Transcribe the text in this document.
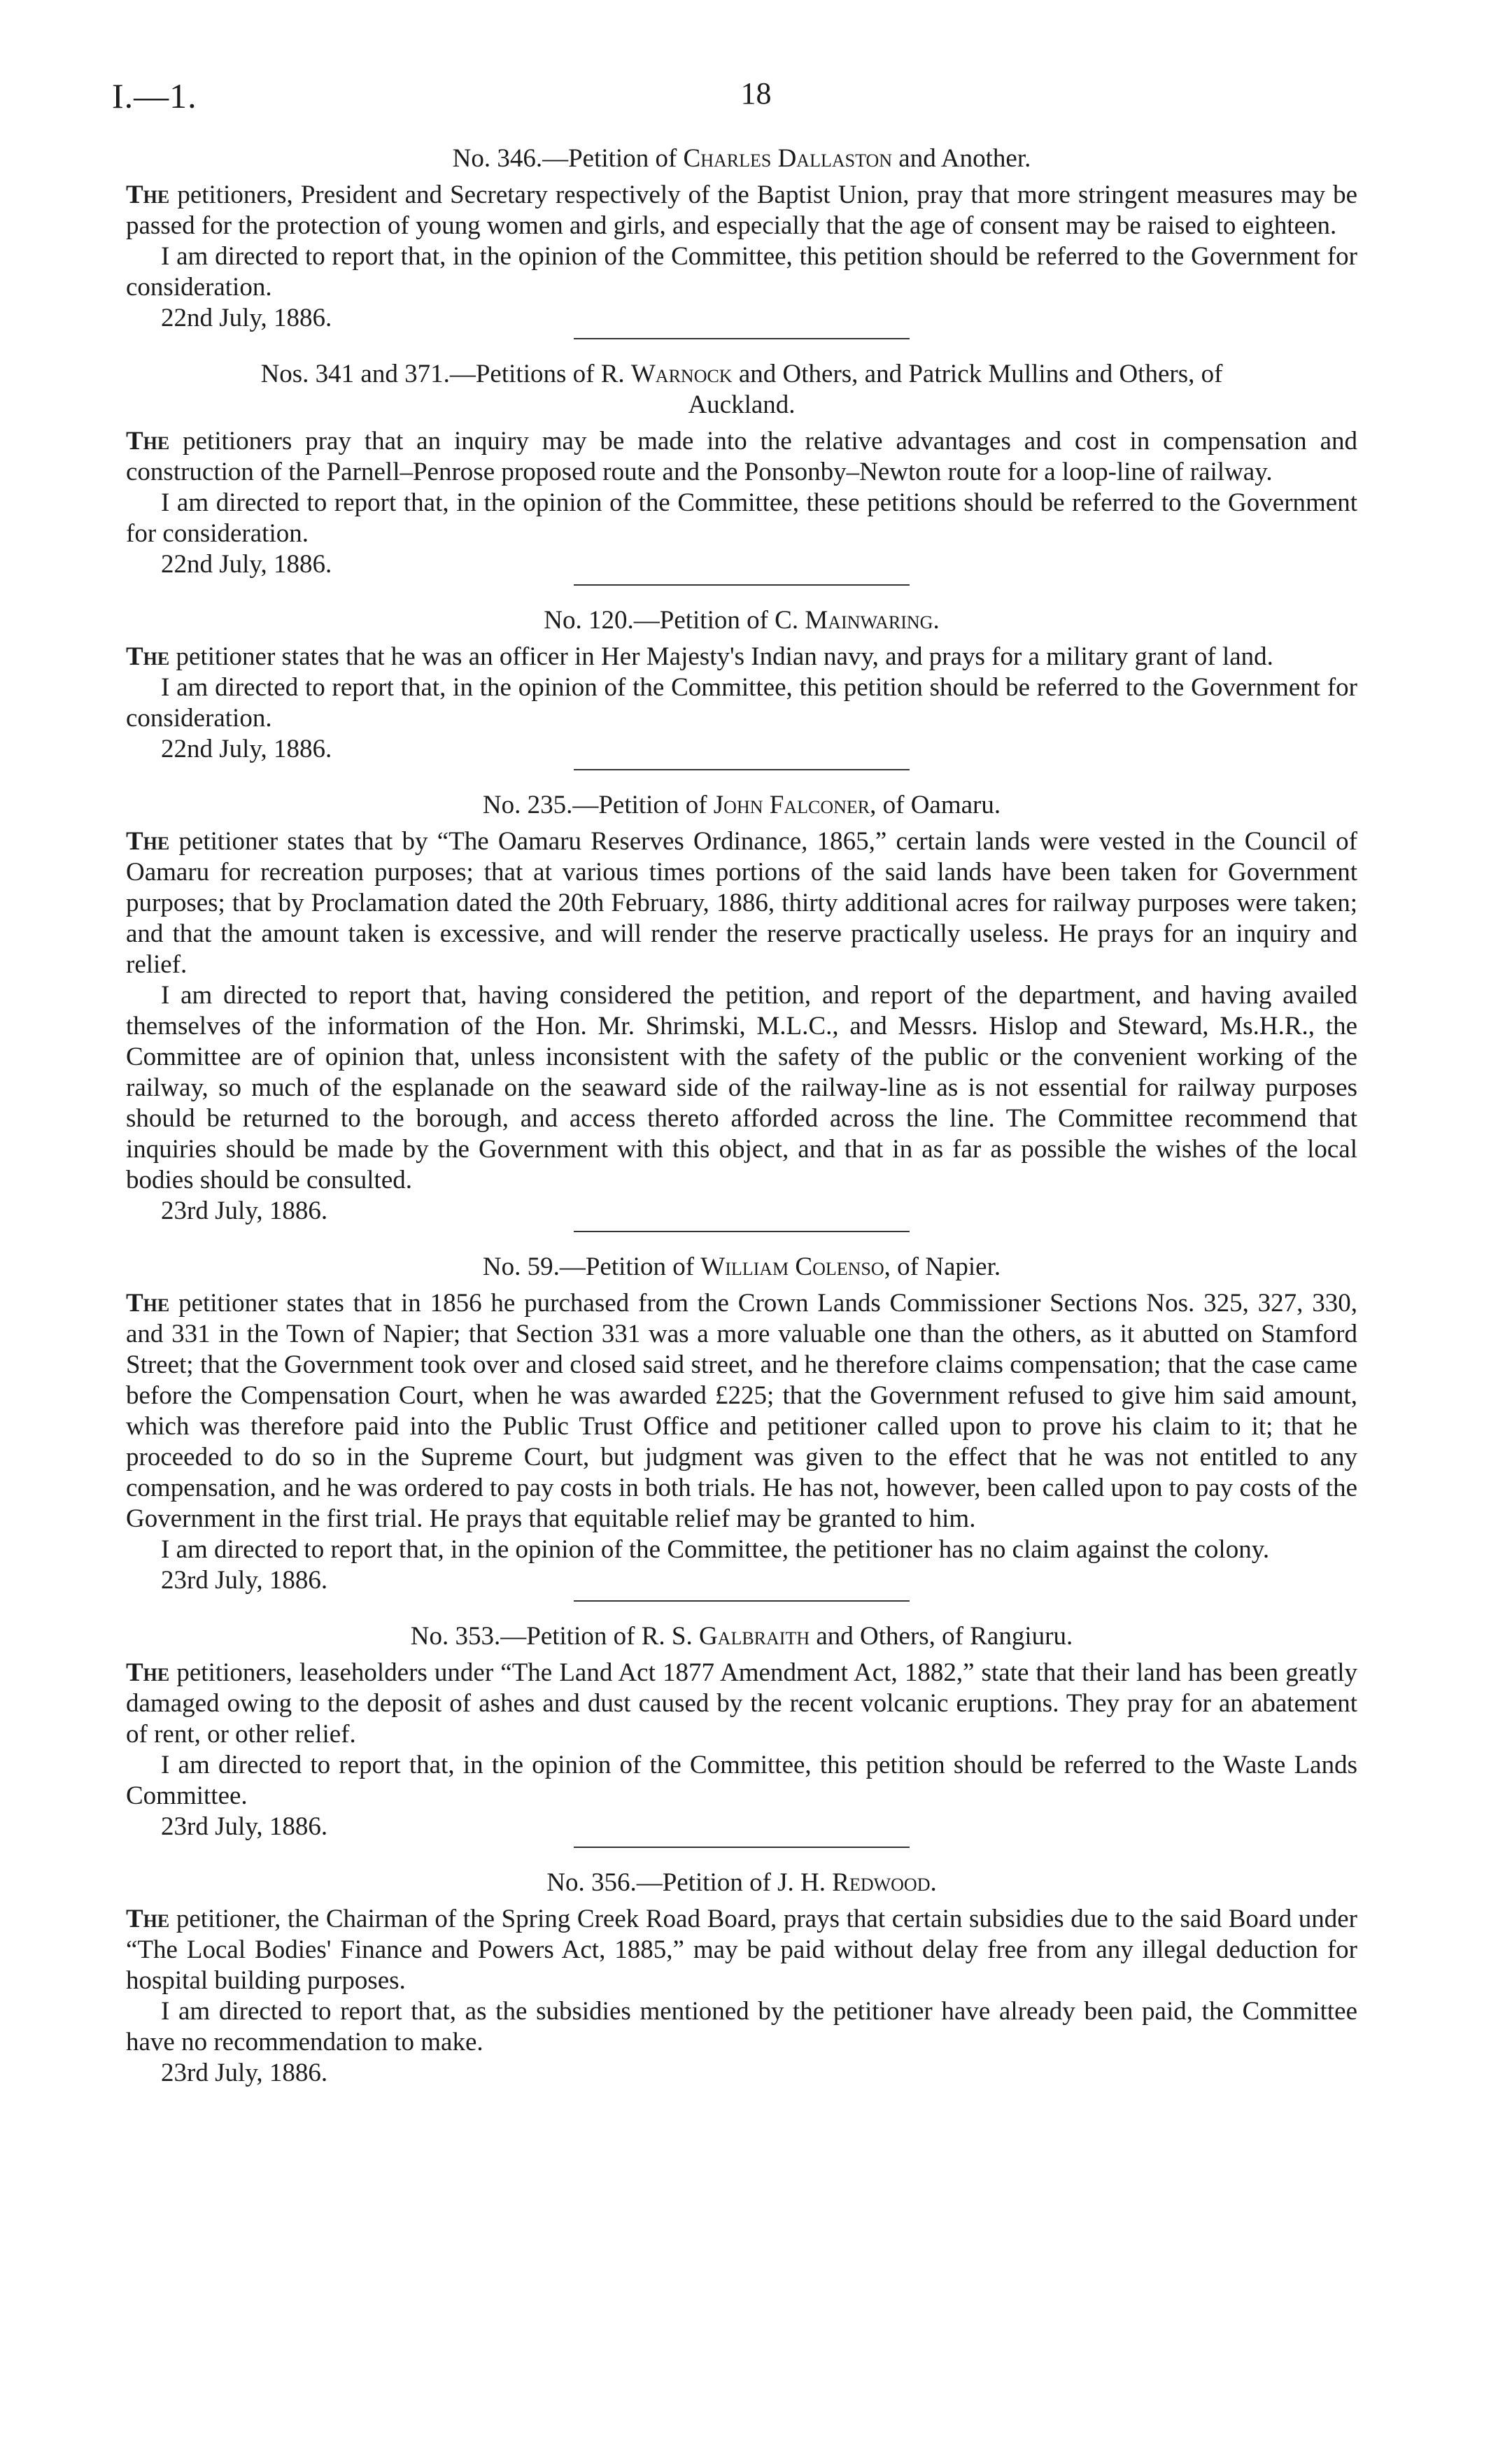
I.—1.	18

No. 346.—Petition of Charles Dallaston and Another.

The petitioners, President and Secretary respectively of the Baptist Union, pray that more stringent measures may be passed for the protection of young women and girls, and especially that the age of consent may be raised to eighteen.

I am directed to report that, in the opinion of the Committee, this petition should be referred to the Government for consideration.

22nd July, 1886.

Nos. 341 and 371.—Petitions of R. Warnock and Others, and Patrick Mullins and Others, of

Auckland.

The petitioners pray that an inquiry may be made into the relative advantages and cost in compensation and construction of the Parnell–Penrose proposed route and the Ponsonby–Newton route for a loop-line of railway.

I am directed to report that, in the opinion of the Committee, these petitions should be referred to the Government for consideration.

22nd July, 1886.

No. 120.—Petition of C. Mainwaring.

The petitioner states that he was an officer in Her Majesty's Indian navy, and prays for a military grant of land.

I am directed to report that, in the opinion of the Committee, this petition should be referred to the Government for consideration.

22nd July, 1886.

No. 235.—Petition of John Falconer, of Oamaru.

The petitioner states that by “The Oamaru Reserves Ordinance, 1865,” certain lands were vested in the Council of Oamaru for recreation purposes; that at various times portions of the said lands have been taken for Government purposes; that by Proclamation dated the 20th February, 1886, thirty additional acres for railway purposes were taken; and that the amount taken is excessive, and will render the reserve practically useless. He prays for an inquiry and relief.

I am directed to report that, having considered the petition, and report of the department, and having availed themselves of the information of the Hon. Mr. Shrimski, M.L.C., and Messrs. Hislop and Steward, Ms.H.R., the Committee are of opinion that, unless inconsistent with the safety of the public or the convenient working of the railway, so much of the esplanade on the seaward side of the railway-line as is not essential for railway purposes should be returned to the borough, and access thereto afforded across the line. The Committee recommend that inquiries should be made by the Government with this object, and that in as far as possible the wishes of the local bodies should be consulted.

23rd July, 1886.

No. 59.—Petition of William Colenso, of Napier.

The petitioner states that in 1856 he purchased from the Crown Lands Commissioner Sections Nos. 325, 327, 330, and 331 in the Town of Napier; that Section 331 was a more valuable one than the others, as it abutted on Stamford Street; that the Government took over and closed said street, and he therefore claims compensation; that the case came before the Compensation Court, when he was awarded £225; that the Government refused to give him said amount, which was therefore paid into the Public Trust Office and petitioner called upon to prove his claim to it; that he proceeded to do so in the Supreme Court, but judgment was given to the effect that he was not entitled to any compensation, and he was ordered to pay costs in both trials. He has not, however, been called upon to pay costs of the Government in the first trial. He prays that equitable relief may be granted to him.

I am directed to report that, in the opinion of the Committee, the petitioner has no claim against the colony.

23rd July, 1886.

No. 353.—Petition of R. S. Galbraith and Others, of Rangiuru.

The petitioners, leaseholders under “The Land Act 1877 Amendment Act, 1882,” state that their land has been greatly damaged owing to the deposit of ashes and dust caused by the recent volcanic eruptions. They pray for an abatement of rent, or other relief.

I am directed to report that, in the opinion of the Committee, this petition should be referred to the Waste Lands Committee.

23rd July, 1886.

No. 356.—Petition of J. H. Redwood.

The petitioner, the Chairman of the Spring Creek Road Board, prays that certain subsidies due to the said Board under “The Local Bodies' Finance and Powers Act, 1885,” may be paid without delay free from any illegal deduction for hospital building purposes.

I am directed to report that, as the subsidies mentioned by the petitioner have already been paid, the Committee have no recommendation to make.

23rd July, 1886.
